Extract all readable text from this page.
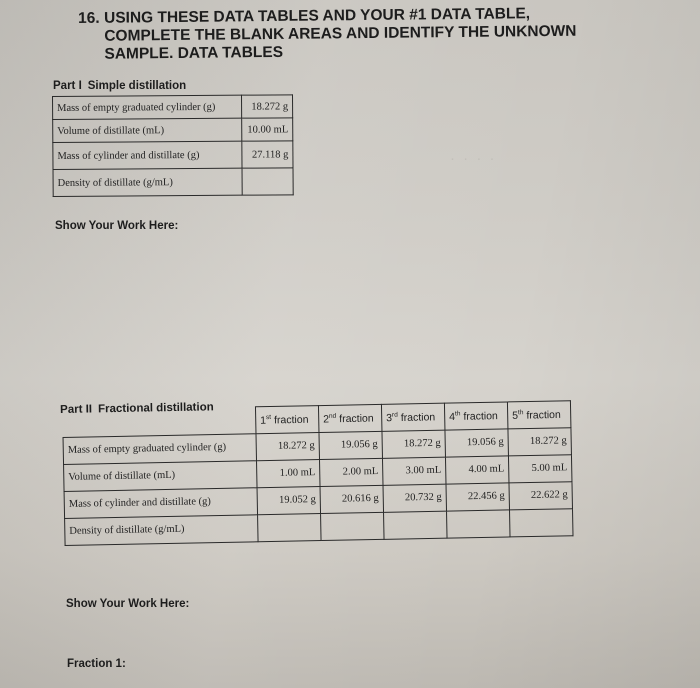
16. USING THESE DATA TABLES AND YOUR #1 DATA TABLE,
COMPLETE THE BLANK AREAS AND IDENTIFY THE UNKNOWN
SAMPLE. DATA TABLES
Part I Simple distillation
Mass of empty graduated cylinder (g)	18.272 g
Volume of distillate (mL)	10.00 mL
Mass of cylinder and distillate (g)	27.118 g
Density of distillate (g/mL)	
Show Your Work Here:
· · · ·
Part II Fractional distillation
	1st fraction	2nd fraction	3rd fraction	4th fraction	5th fraction
Mass of empty graduated cylinder (g)	18.272 g	19.056 g	18.272 g	19.056 g	18.272 g
Volume of distillate (mL)	1.00 mL	2.00 mL	3.00 mL	4.00 mL	5.00 mL
Mass of cylinder and distillate (g)	19.052 g	20.616 g	20.732 g	22.456 g	22.622 g
Density of distillate (g/mL)					
Show Your Work Here:
Fraction 1:
